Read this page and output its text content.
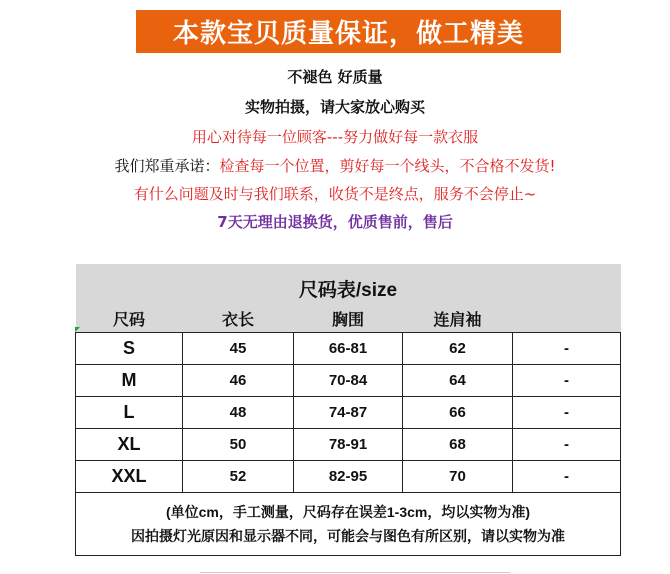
本款宝贝质量保证，做工精美
不褪色 好质量
实物拍摄，请大家放心购买
用心对待每一位顾客---努力做好每一款衣服
我们郑重承诺：检查每一个位置，剪好每一个线头，不合格不发货!
有什么问题及时与我们联系，收货不是终点，服务不会停止~
7天无理由退换货，优质售前，售后
尺码表/size				
尺码	衣长	胸围	连肩袖	
S	45	66-81	62	-
M	46	70-84	64	-
L	48	74-87	66	-
XL	50	78-91	68	-
XXL	52	82-95	70	-

(单位cm，手工测量，尺码存在误差1-3cm，均以实物为准)
因拍摄灯光原因和显示器不同，可能会与图色有所区别，请以实物为准				
